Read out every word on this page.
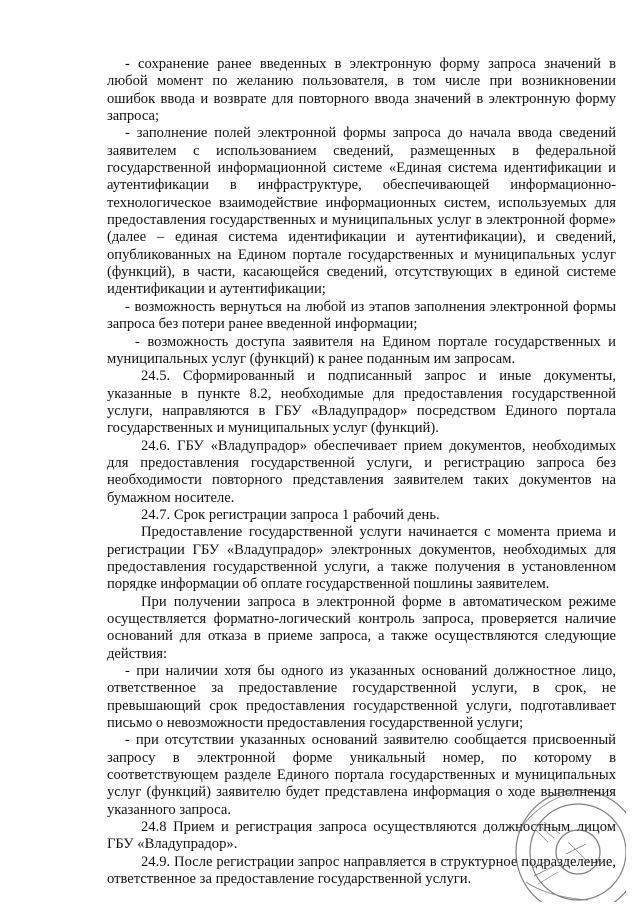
- сохранение ранее введенных в электронную форму запроса значений в любой момент по желанию пользователя, в том числе при возникновении ошибок ввода и возврате для повторного ввода значений в электронную форму запроса;

- заполнение полей электронной формы запроса до начала ввода сведений заявителем с использованием сведений, размещенных в федеральной государственной информационной системе «Единая система идентификации и аутентификации в инфраструктуре, обеспечивающей информационно-технологическое взаимодействие информационных систем, используемых для предоставления государственных и муниципальных услуг в электронной форме» (далее – единая система идентификации и аутентификации), и сведений, опубликованных на Едином портале государственных и муниципальных услуг (функций), в части, касающейся сведений, отсутствующих в единой системе идентификации и аутентификации;

- возможность вернуться на любой из этапов заполнения электронной формы запроса без потери ранее введенной информации;

- возможность доступа заявителя на Едином портале государственных и муниципальных услуг (функций) к ранее поданным им запросам.

24.5. Сформированный и подписанный запрос и иные документы, указанные в пункте 8.2, необходимые для предоставления государственной услуги, направляются в ГБУ «Владупрадор» посредством Единого портала государственных и муниципальных услуг (функций).

24.6. ГБУ «Владупрадор» обеспечивает прием документов, необходимых для предоставления государственной услуги, и регистрацию запроса без необходимости повторного представления заявителем таких документов на бумажном носителе.

24.7. Срок регистрации запроса 1 рабочий день.

Предоставление государственной услуги начинается с момента приема и регистрации ГБУ «Владупрадор» электронных документов, необходимых для предоставления государственной услуги, а также получения в установленном порядке информации об оплате государственной пошлины заявителем.

При получении запроса в электронной форме в автоматическом режиме осуществляется форматно-логический контроль запроса, проверяется наличие оснований для отказа в приеме запроса, а также осуществляются следующие действия:

- при наличии хотя бы одного из указанных оснований должностное лицо, ответственное за предоставление государственной услуги, в срок, не превышающий срок предоставления государственной услуги, подготавливает письмо о невозможности предоставления государственной услуги;

- при отсутствии указанных оснований заявителю сообщается присвоенный запросу в электронной форме уникальный номер, по которому в соответствующем разделе Единого портала государственных и муниципальных услуг (функций) заявителю будет представлена информация о ходе выполнения указанного запроса.

24.8 Прием и регистрация запроса осуществляются должностным лицом ГБУ «Владупрадор».

24.9. После регистрации запрос направляется в структурное подразделение, ответственное за предоставление государственной услуги.
